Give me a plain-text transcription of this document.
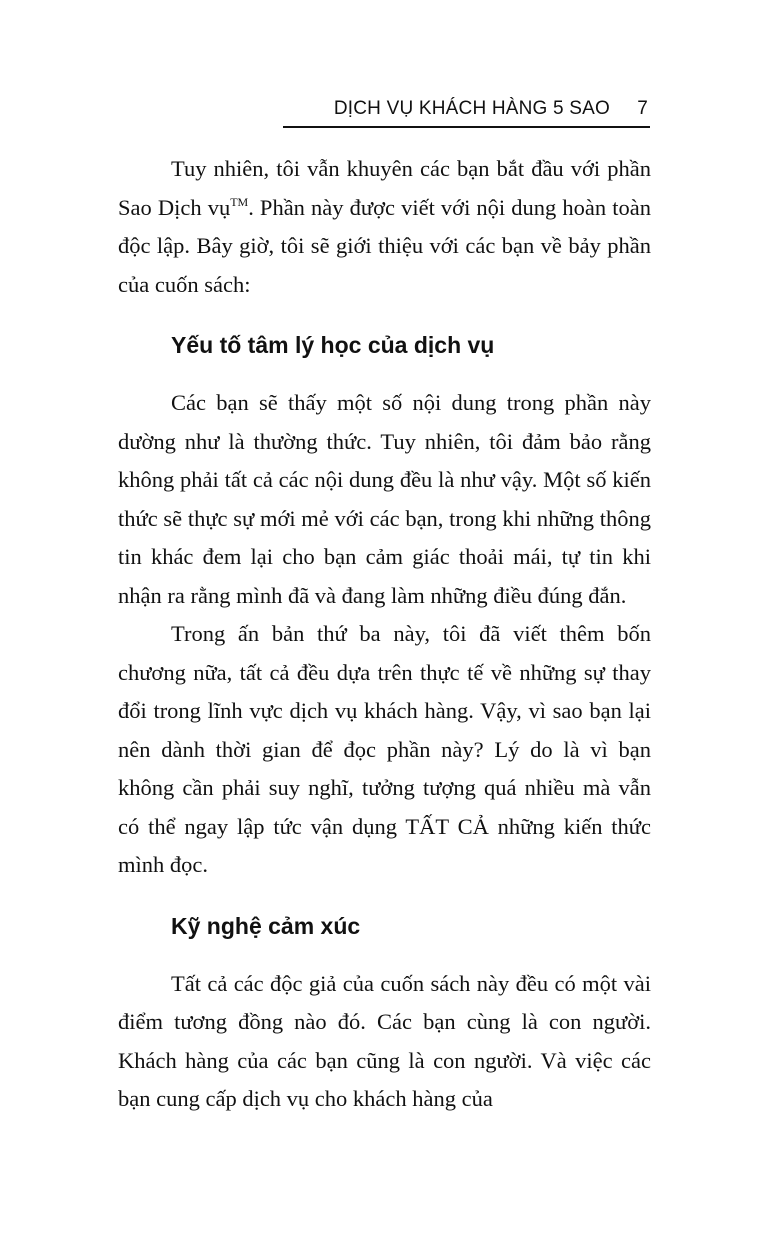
DỊCH VỤ KHÁCH HÀNG 5 SAO 7

Tuy nhiên, tôi vẫn khuyên các bạn bắt đầu với phần Sao Dịch vụ™. Phần này được viết với nội dung hoàn toàn độc lập. Bây giờ, tôi sẽ giới thiệu với các bạn về bảy phần của cuốn sách:

Yếu tố tâm lý học của dịch vụ

Các bạn sẽ thấy một số nội dung trong phần này dường như là thường thức. Tuy nhiên, tôi đảm bảo rằng không phải tất cả các nội dung đều là như vậy. Một số kiến thức sẽ thực sự mới mẻ với các bạn, trong khi những thông tin khác đem lại cho bạn cảm giác thoải mái, tự tin khi nhận ra rằng mình đã và đang làm những điều đúng đắn.

Trong ấn bản thứ ba này, tôi đã viết thêm bốn chương nữa, tất cả đều dựa trên thực tế về những sự thay đổi trong lĩnh vực dịch vụ khách hàng. Vậy, vì sao bạn lại nên dành thời gian để đọc phần này? Lý do là vì bạn không cần phải suy nghĩ, tưởng tượng quá nhiều mà vẫn có thể ngay lập tức vận dụng TẤT CẢ những kiến thức mình đọc.

Kỹ nghệ cảm xúc

Tất cả các độc giả của cuốn sách này đều có một vài điểm tương đồng nào đó. Các bạn cùng là con người. Khách hàng của các bạn cũng là con người. Và việc các bạn cung cấp dịch vụ cho khách hàng của
